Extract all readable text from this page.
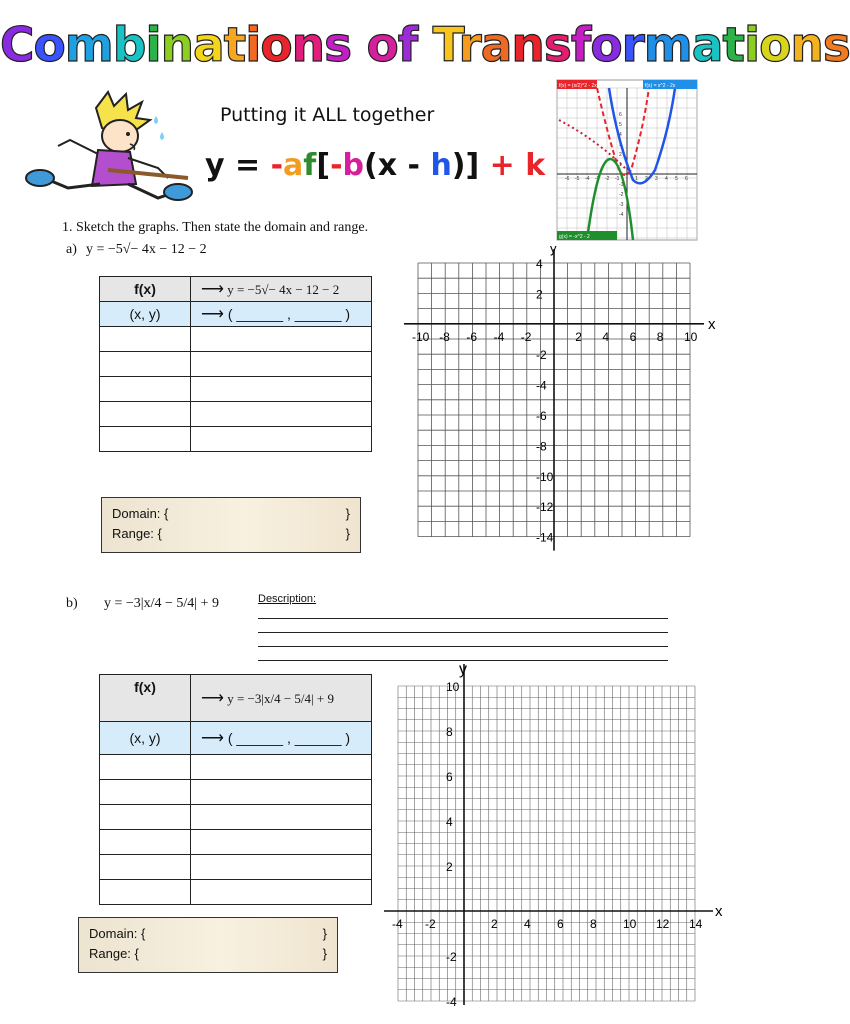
Combinations of Transformations
Putting it ALL together
y = -af[-b(x - h)] + k	-6 -5 -4 -3 -2 -1	1 2 3 4 5 6
6
5
4
3
2
1
-1
-2
-3
-4
f(x) = (x/2)^2 - 2x(x)	f(x) = x^2 - 2x
g(x) = -x^2 - 2
1. Sketch the graphs. Then state the domain and range.
a) y = −5√− 4x − 12 − 2
f(x)	⟶ y = −5√− 4x − 12 − 2
(x, y)	⟶ ( ______ , ______ )

Domain: {	}
Range: {	}
x
y
-10 -8 -6 -4 -2	2 4 6 8 10
4
2
-2
-4
-6
-8
-10
-12
-14
b) y = −3|x/4 − 5/4| + 9	Description:
f(x)	⟶ y = −3|x/4 − 5/4| + 9
(x, y)	⟶ ( ______ , ______ )

Domain: {	}
Range: {	}
x
y
-4 -2	2 4 6 8 10 12 14
10
8
6
4
2
-2
-4
